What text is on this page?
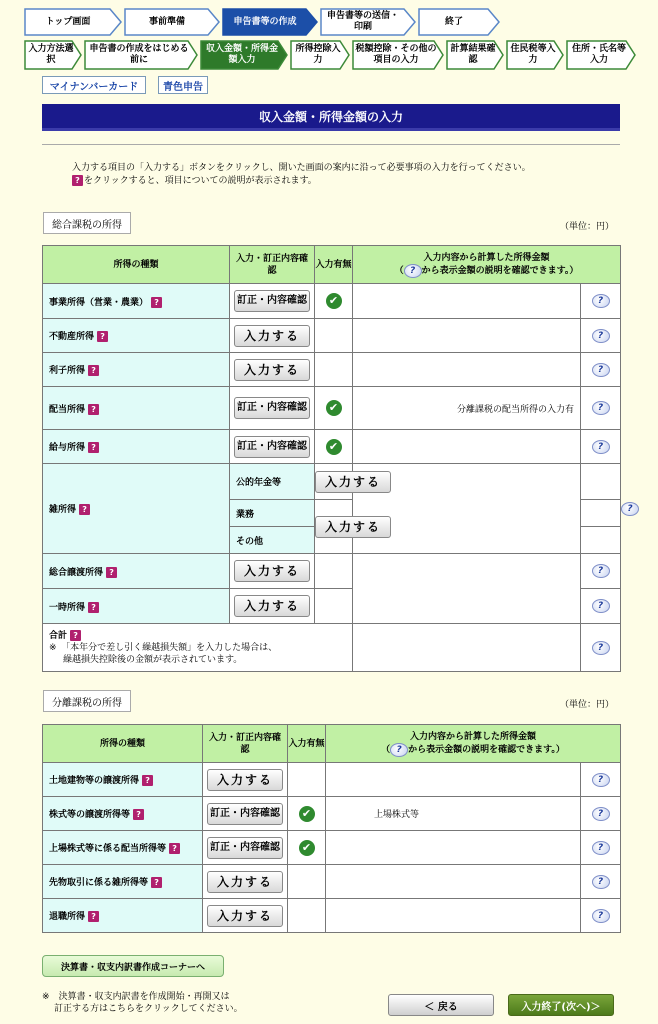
トップ画面	事前準備	申告書等の作成
申告書等の送信・印刷
終了
入力方法選択
申告書の作成をはじめる前に
収入金額・所得金額入力
所得控除入力
税額控除・その他の項目の入力
計算結果確認
住民税等入力
住所・氏名等入力
マイナンバーカード	青色申告
収入金額・所得金額の入力
入力する項目の「入力する」ボタンをクリックし、開いた画面の案内に沿って必要事項の入力を行ってください。
? をクリックすると、項目についての説明が表示されます。
総合課税の所得	（単位：円）
所得の種類	入力・訂正内容確認	入力有無	入力内容から計算した所得金額
（ ? から表示金額の説明を確認できます。）		

事業所得（営業・農業） ?	訂正・内容確認	✔		?	
不動産所得 ?	入力する			?	
利子所得 ?	入力する			?	
配当所得 ?	訂正・内容確認	✔	分離課税の配当所得の入力有	?	
給与所得 ?	訂正・内容確認	✔		?	
雑所得 ?	公的年金等	入力する			?
	業務	入力する			
	その他				
総合譲渡所得 ?	入力する			?	
一時所得 ?	入力する			?	

合計 ?
※　 「本年分で差し引く繰越損失額」を入力した場合は、
繰越損失控除後の金額が表示されています。				?	
分離課税の所得	（単位：円）
所得の種類	入力・訂正内容確認	入力有無	入力内容から計算した所得金額
（ ? から表示金額の説明を確認できます。）	

土地建物等の譲渡所得 ?	入力する			?
株式等の譲渡所得等 ?	訂正・内容確認	✔	上場株式等	?
上場株式等に係る配当所得等 ?	訂正・内容確認	✔		?
先物取引に係る雑所得等 ?	入力する			?
退職所得 ?	入力する			?
決算書・収支内訳書作成コーナーへ
※　 決算書・収支内訳書を作成開始・再開又は
訂正する方はこちらをクリックしてください。	＜ 戻る	入力終了(次へ)＞
